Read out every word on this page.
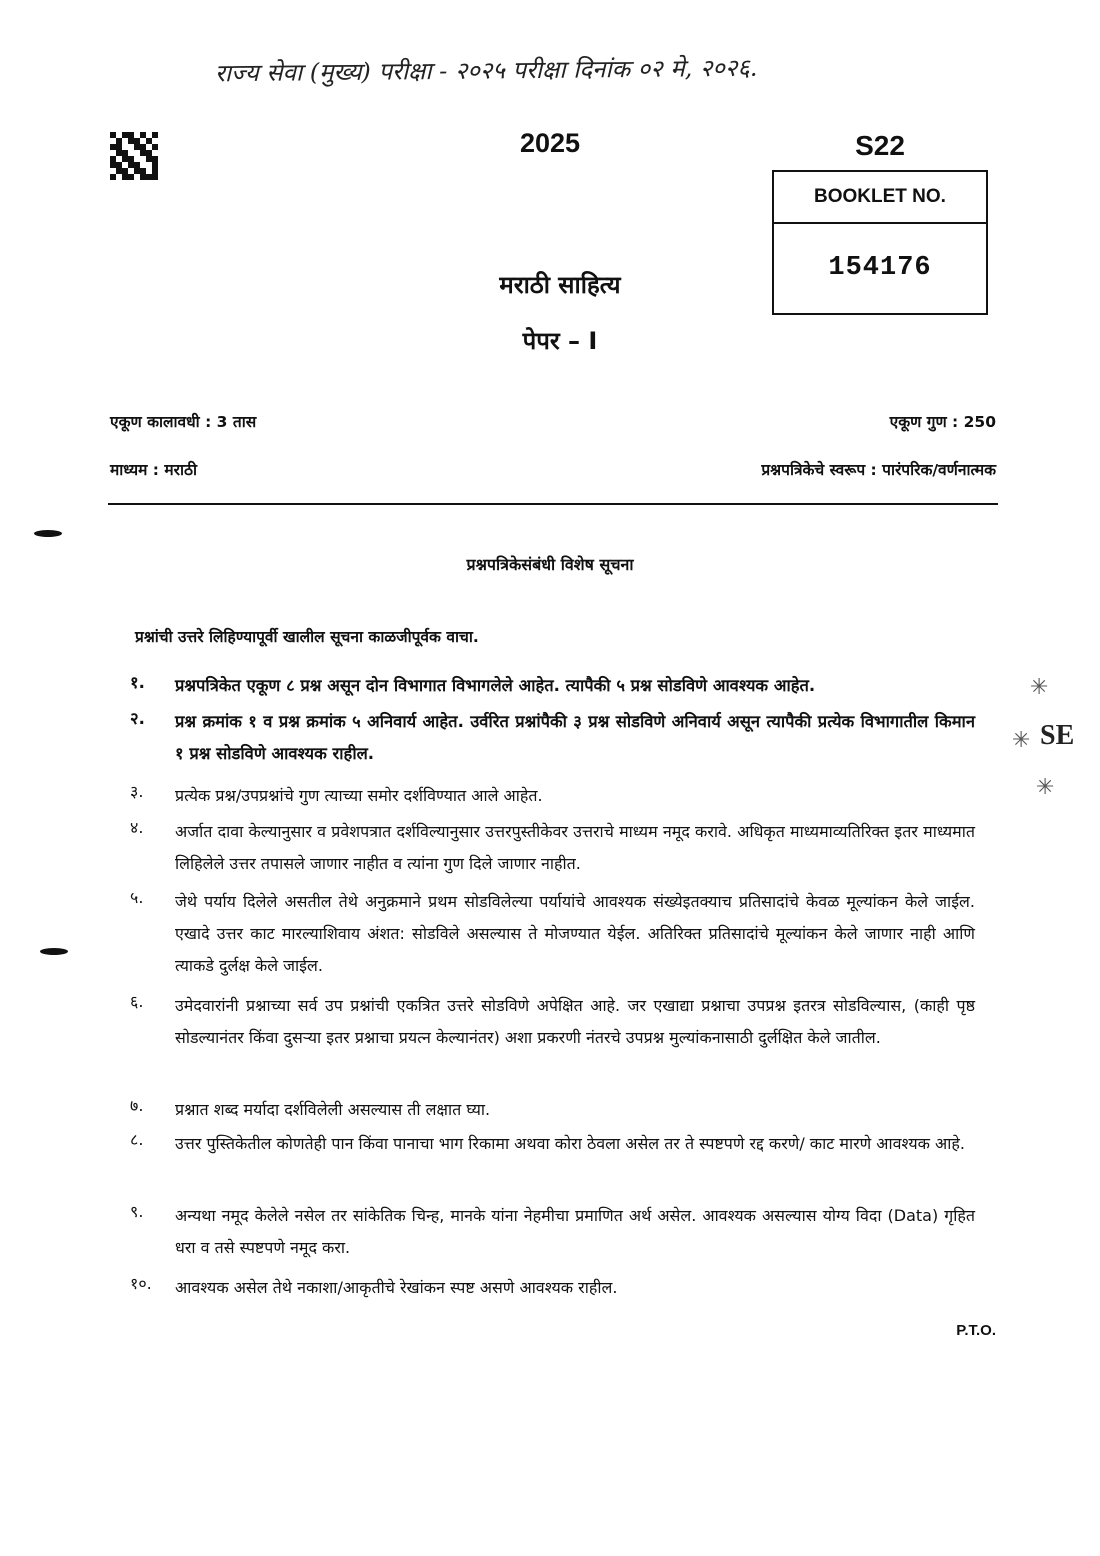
राज्य सेवा (मुख्य) परीक्षा - २०२५ परीक्षा दिनांक ०२ मे, २०२६.
2025	S22
BOOKLET NO.
154176
मराठी साहित्य
पेपर – I
एकूण कालावधी : 3 तास	एकूण गुण : 250
माध्यम : मराठी	प्रश्नपत्रिकेचे स्वरूप : पारंपरिक/वर्णनात्मक
प्रश्नपत्रिकेसंबंधी विशेष सूचना
प्रश्नांची उत्तरे लिहिण्यापूर्वी खालील सूचना काळजीपूर्वक वाचा.
१. प्रश्नपत्रिकेत एकूण ८ प्रश्न असून दोन विभागात विभागलेले आहेत. त्यापैकी ५ प्रश्न सोडविणे आवश्यक आहेत.
२. प्रश्न क्रमांक १ व प्रश्न क्रमांक ५ अनिवार्य आहेत. उर्वरित प्रश्नांपैकी ३ प्रश्न सोडविणे अनिवार्य असून त्यापैकी प्रत्येक विभागातील किमान १ प्रश्न सोडविणे आवश्यक राहील.
३. प्रत्येक प्रश्न/उपप्रश्नांचे गुण त्याच्या समोर दर्शविण्यात आले आहेत.
४. अर्जात दावा केल्यानुसार व प्रवेशपत्रात दर्शविल्यानुसार उत्तरपुस्तीकेवर उत्तराचे माध्यम नमूद करावे. अधिकृत माध्यमाव्यतिरिक्त इतर माध्यमात लिहिलेले उत्तर तपासले जाणार नाहीत व त्यांना गुण दिले जाणार नाहीत.
५. जेथे पर्याय दिलेले असतील तेथे अनुक्रमाने प्रथम सोडविलेल्या पर्यायांचे आवश्यक संख्येइतक्याच प्रतिसादांचे केवळ मूल्यांकन केले जाईल. एखादे उत्तर काट मारल्याशिवाय अंशत: सोडविले असल्यास ते मोजण्यात येईल. अतिरिक्त प्रतिसादांचे मूल्यांकन केले जाणार नाही आणि त्याकडे दुर्लक्ष केले जाईल.
६. उमेदवारांनी प्रश्नाच्या सर्व उप प्रश्नांची एकत्रित उत्तरे सोडविणे अपेक्षित आहे. जर एखाद्या प्रश्नाचा उपप्रश्न इतरत्र सोडविल्यास, (काही पृष्ठ सोडल्यानंतर किंवा दुसऱ्या इतर प्रश्नाचा प्रयत्न केल्यानंतर) अशा प्रकरणी नंतरचे उपप्रश्न मुल्यांकनासाठी दुर्लक्षित केले जातील.
७. प्रश्नात शब्द मर्यादा दर्शविलेली असल्यास ती लक्षात घ्या.
८. उत्तर पुस्तिकेतील कोणतेही पान किंवा पानाचा भाग रिकामा अथवा कोरा ठेवला असेल तर ते स्पष्टपणे रद्द करणे/ काट मारणे आवश्यक आहे.
९. अन्यथा नमूद केलेले नसेल तर सांकेतिक चिन्ह, मानके यांना नेहमीचा प्रमाणित अर्थ असेल. आवश्यक असल्यास योग्य विदा (Data) गृहित धरा व तसे स्पष्टपणे नमूद करा.
१०. आवश्यक असेल तेथे नकाशा/आकृतीचे रेखांकन स्पष्ट असणे आवश्यक राहील.
P.T.O.
✳
✳ SE
✳
